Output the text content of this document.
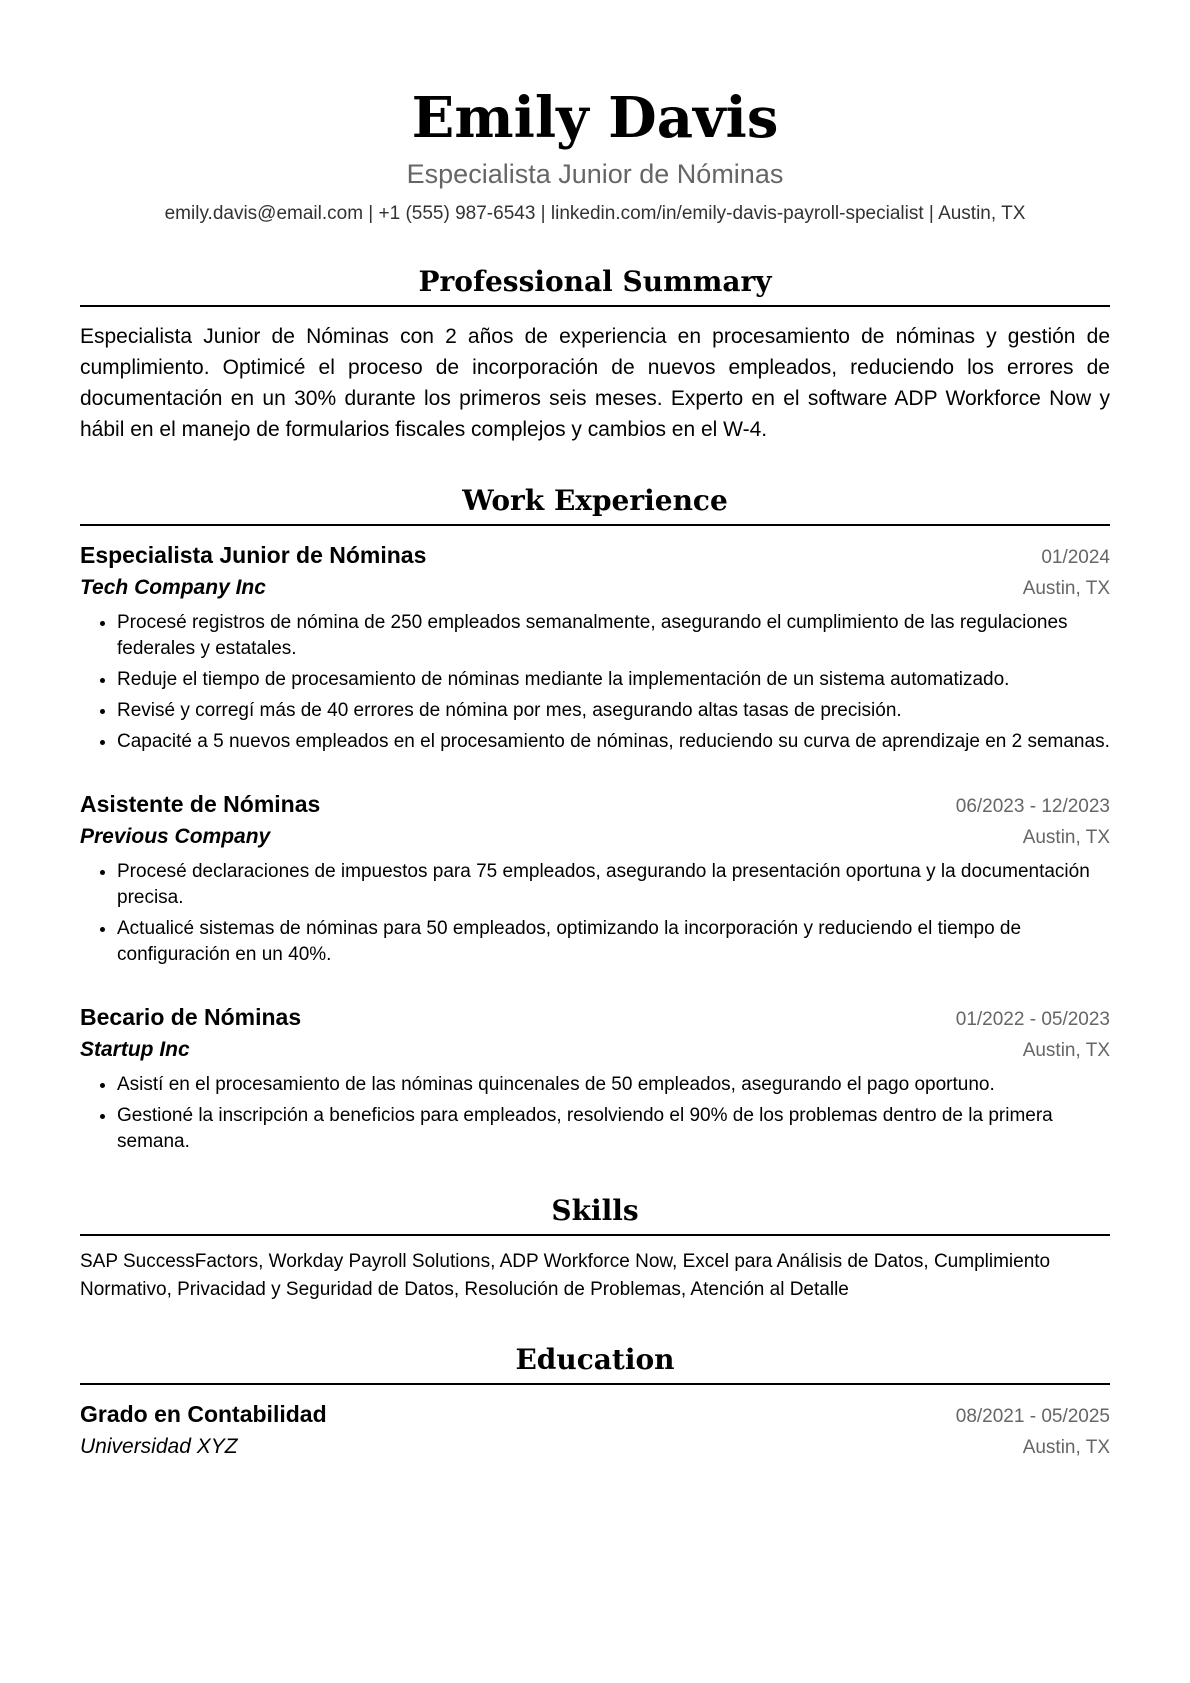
Emily Davis
Especialista Junior de Nóminas
emily.davis@email.com | +1 (555) 987-6543 | linkedin.com/in/emily-davis-payroll-specialist | Austin, TX
Professional Summary
Especialista Junior de Nóminas con 2 años de experiencia en procesamiento de nóminas y gestión de cumplimiento. Optimicé el proceso de incorporación de nuevos empleados, reduciendo los errores de documentación en un 30% durante los primeros seis meses. Experto en el software ADP Workforce Now y hábil en el manejo de formularios fiscales complejos y cambios en el W-4.
Work Experience
Especialista Junior de Nóminas	01/2024
Tech Company Inc	Austin, TX
• Procesé registros de nómina de 250 empleados semanalmente, asegurando el cumplimiento de las regulaciones federales y estatales.
• Reduje el tiempo de procesamiento de nóminas mediante la implementación de un sistema automatizado.
• Revisé y corregí más de 40 errores de nómina por mes, asegurando altas tasas de precisión.
• Capacité a 5 nuevos empleados en el procesamiento de nóminas, reduciendo su curva de aprendizaje en 2 semanas.
Asistente de Nóminas	06/2023 - 12/2023
Previous Company	Austin, TX
• Procesé declaraciones de impuestos para 75 empleados, asegurando la presentación oportuna y la documentación precisa.
• Actualicé sistemas de nóminas para 50 empleados, optimizando la incorporación y reduciendo el tiempo de configuración en un 40%.
Becario de Nóminas	01/2022 - 05/2023
Startup Inc	Austin, TX
• Asistí en el procesamiento de las nóminas quincenales de 50 empleados, asegurando el pago oportuno.
• Gestioné la inscripción a beneficios para empleados, resolviendo el 90% de los problemas dentro de la primera semana.
Skills
SAP SuccessFactors, Workday Payroll Solutions, ADP Workforce Now, Excel para Análisis de Datos, Cumplimiento Normativo, Privacidad y Seguridad de Datos, Resolución de Problemas, Atención al Detalle
Education
Grado en Contabilidad	08/2021 - 05/2025
Universidad XYZ	Austin, TX
